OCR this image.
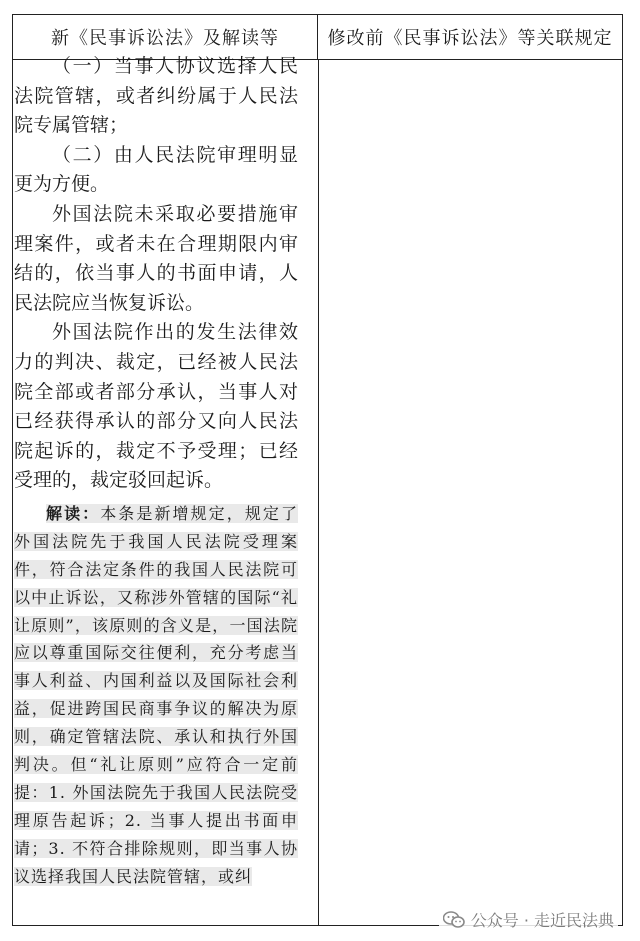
新《民事诉讼法》及解读等	修改前《民事诉讼法》等关联规定

（一）当事人协议选择人民法院管辖，或者纠纷属于人民法院专属管辖；

（二）由人民法院审理明显更为方便。

外国法院未采取必要措施审理案件，或者未在合理期限内审结的，依当事人的书面申请，人民法院应当恢复诉讼。

外国法院作出的发生法律效力的判决、裁定，已经被人民法院全部或者部分承认，当事人对已经获得承认的部分又向人民法院起诉的，裁定不予受理；已经受理的，裁定驳回起诉。

解读：本条是新增规定，规定了外国法院先于我国人民法院受理案件，符合法定条件的我国人民法院可以中止诉讼，又称涉外管辖的国际“礼让原则”，该原则的含义是，一国法院应以尊重国际交往便利，充分考虑当事人利益、内国利益以及国际社会利益，促进跨国民商事争议的解决为原则，确定管辖法院、承认和执行外国判决。但“礼让原则”应符合一定前提：1. 外国法院先于我国人民法院受理原告起诉；2. 当事人提出书面申请；3. 不符合排除规则，即当事人协议选择我国人民法院管辖，或纠

公众号 · 走近民法典
